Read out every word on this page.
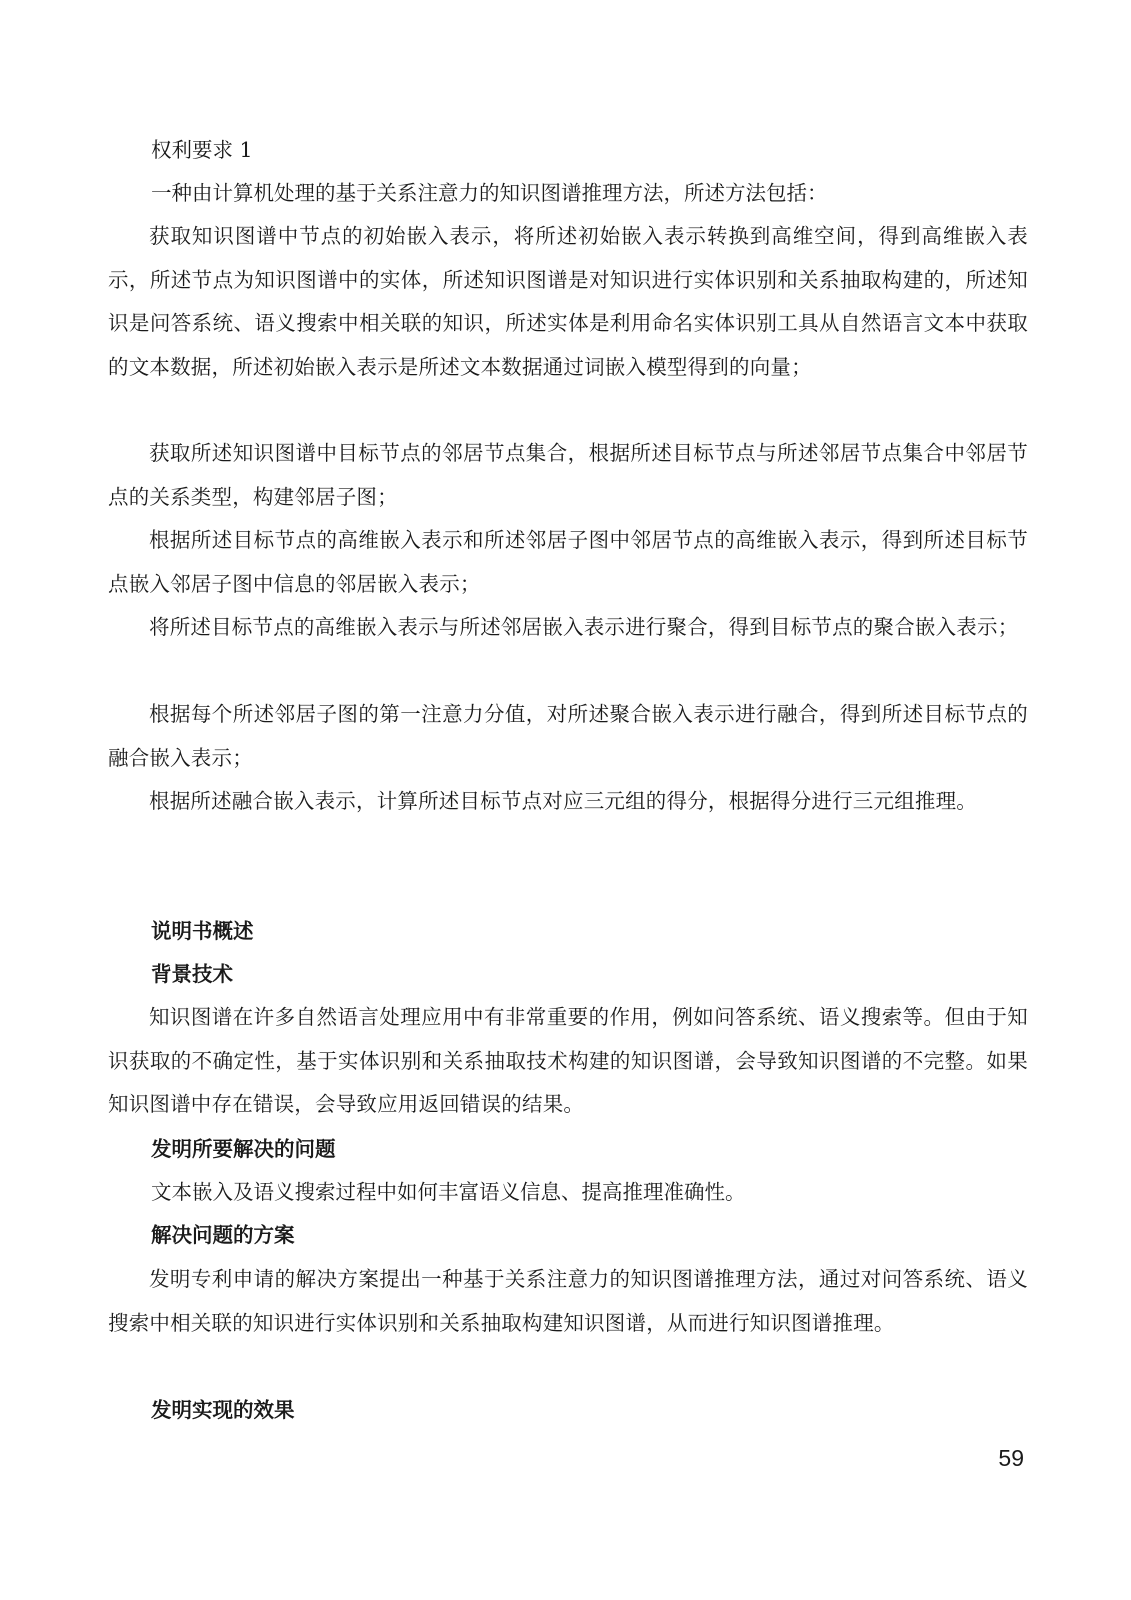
权利要求 1

一种由计算机处理的基于关系注意力的知识图谱推理方法，所述方法包括：

获取知识图谱中节点的初始嵌入表示，将所述初始嵌入表示转换到高维空间，得到高维嵌入表示，所述节点为知识图谱中的实体，所述知识图谱是对知识进行实体识别和关系抽取构建的，所述知识是问答系统、语义搜索中相关联的知识，所述实体是利用命名实体识别工具从自然语言文本中获取的文本数据，所述初始嵌入表示是所述文本数据通过词嵌入模型得到的向量；

获取所述知识图谱中目标节点的邻居节点集合，根据所述目标节点与所述邻居节点集合中邻居节点的关系类型，构建邻居子图；

根据所述目标节点的高维嵌入表示和所述邻居子图中邻居节点的高维嵌入表示，得到所述目标节点嵌入邻居子图中信息的邻居嵌入表示；

将所述目标节点的高维嵌入表示与所述邻居嵌入表示进行聚合，得到目标节点的聚合嵌入表示；

根据每个所述邻居子图的第一注意力分值，对所述聚合嵌入表示进行融合，得到所述目标节点的融合嵌入表示；

根据所述融合嵌入表示，计算所述目标节点对应三元组的得分，根据得分进行三元组推理。

说明书概述

背景技术

知识图谱在许多自然语言处理应用中有非常重要的作用，例如问答系统、语义搜索等。但由于知识获取的不确定性，基于实体识别和关系抽取技术构建的知识图谱，会导致知识图谱的不完整。如果知识图谱中存在错误，会导致应用返回错误的结果。

发明所要解决的问题

文本嵌入及语义搜索过程中如何丰富语义信息、提高推理准确性。

解决问题的方案

发明专利申请的解决方案提出一种基于关系注意力的知识图谱推理方法，通过对问答系统、语义搜索中相关联的知识进行实体识别和关系抽取构建知识图谱，从而进行知识图谱推理。

发明实现的效果

59
